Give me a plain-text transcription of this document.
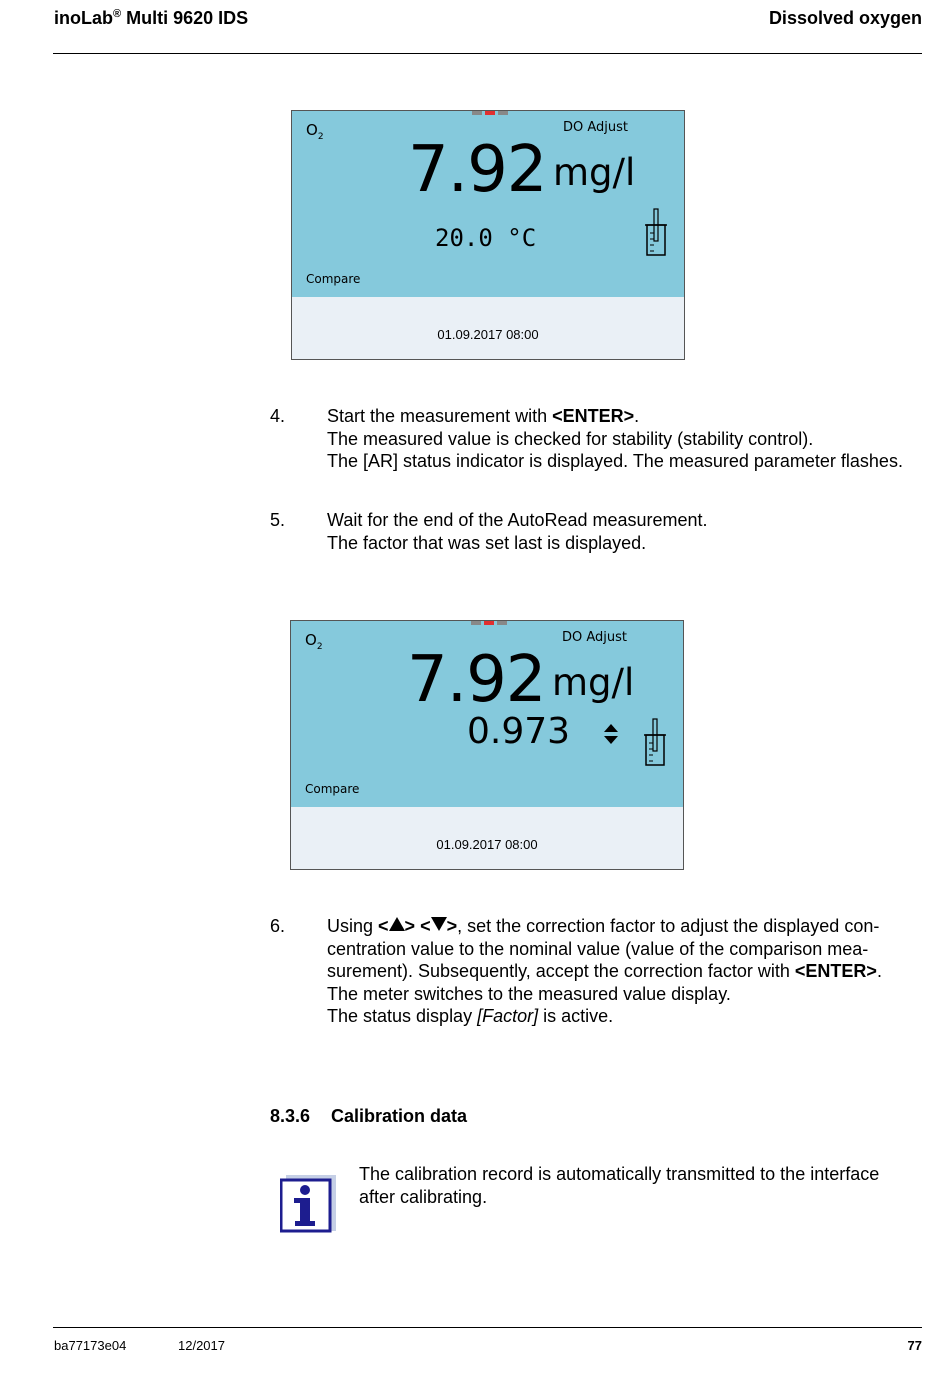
inoLab® Multi 9620 IDS	Dissolved oxygen
$O_2$
DO Adjust
7.92 mg/l
20.0 °C
Compare
01.09.2017 08:00
4. Start the measurement with <ENTER>.
The measured value is checked for stability (stability control).
The [AR] status indicator is displayed. The measured parameter flashes.
5. Wait for the end of the AutoRead measurement.
The factor that was set last is displayed.
$O_2$
DO Adjust
7.92 mg/l
0.973
Compare
01.09.2017 08:00
6. Using < > < >, set the correction factor to adjust the displayed con-centration value to the nominal value (value of the comparison mea-surement). Subsequently, accept the correction factor with <ENTER>.
The meter switches to the measured value display.
The status display [Factor] is active.
8.3.6 Calibration data
The calibration record is automatically transmitted to the interface after calibrating.
ba77173e04	12/2017	77
